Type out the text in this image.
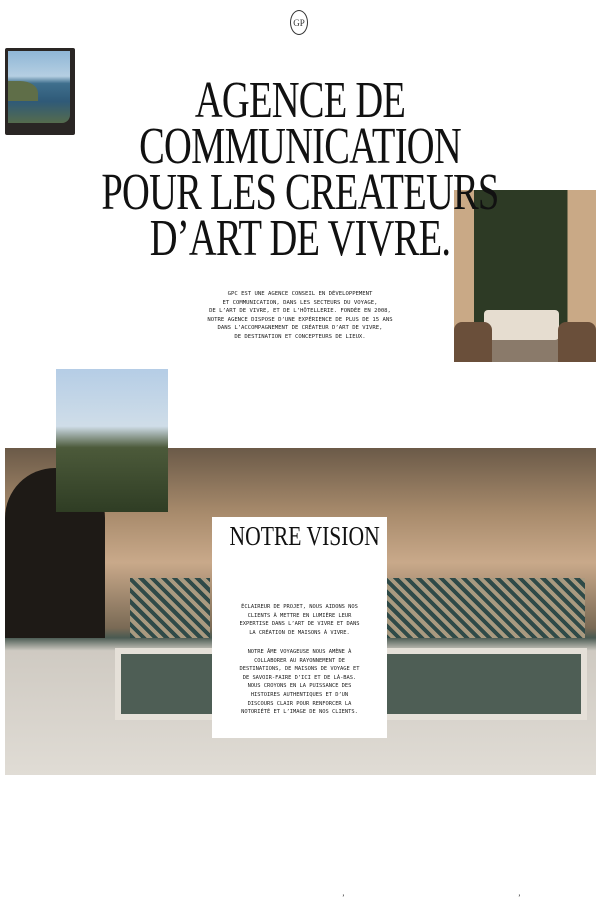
GP
AGENCE DE
COMMUNICATION
POUR LES CREATEURS
D’ART DE VIVRE.
GPC EST UNE AGENCE CONSEIL EN DÉVELOPPEMENT
ET COMMUNICATION, DANS LES SECTEURS DU VOYAGE,
DE L’ART DE VIVRE, ET DE L’HÔTELLERIE. FONDÉE EN 2008,
NOTRE AGENCE DISPOSE D’UNE EXPÉRIENCE DE PLUS DE 15 ANS
DANS L’ACCOMPAGNEMENT DE CRÉATEUR D’ART DE VIVRE,
DE DESTINATION ET CONCEPTEURS DE LIEUX.
NOTRE VISION
ÉCLAIREUR DE PROJET, NOUS AIDONS NOS
CLIENTS À METTRE EN LUMIÈRE LEUR
EXPERTISE DANS L’ART DE VIVRE ET DANS
LA CRÉATION DE MAISONS À VIVRE.
NOTRE ÂME VOYAGEUSE NOUS AMÈNE À
COLLABORER AU RAYONNEMENT DE
DESTINATIONS, DE MAISONS DE VOYAGE ET
DE SAVOIR-FAIRE D’ICI ET DE LÀ-BAS.
NOUS CROYONS EN LA PUISSANCE DES
HISTOIRES AUTHENTIQUES ET D’UN
DISCOURS CLAIR POUR RENFORCER LA
NOTORIÉTÉ ET L’IMAGE DE NOS CLIENTS.
’	’
